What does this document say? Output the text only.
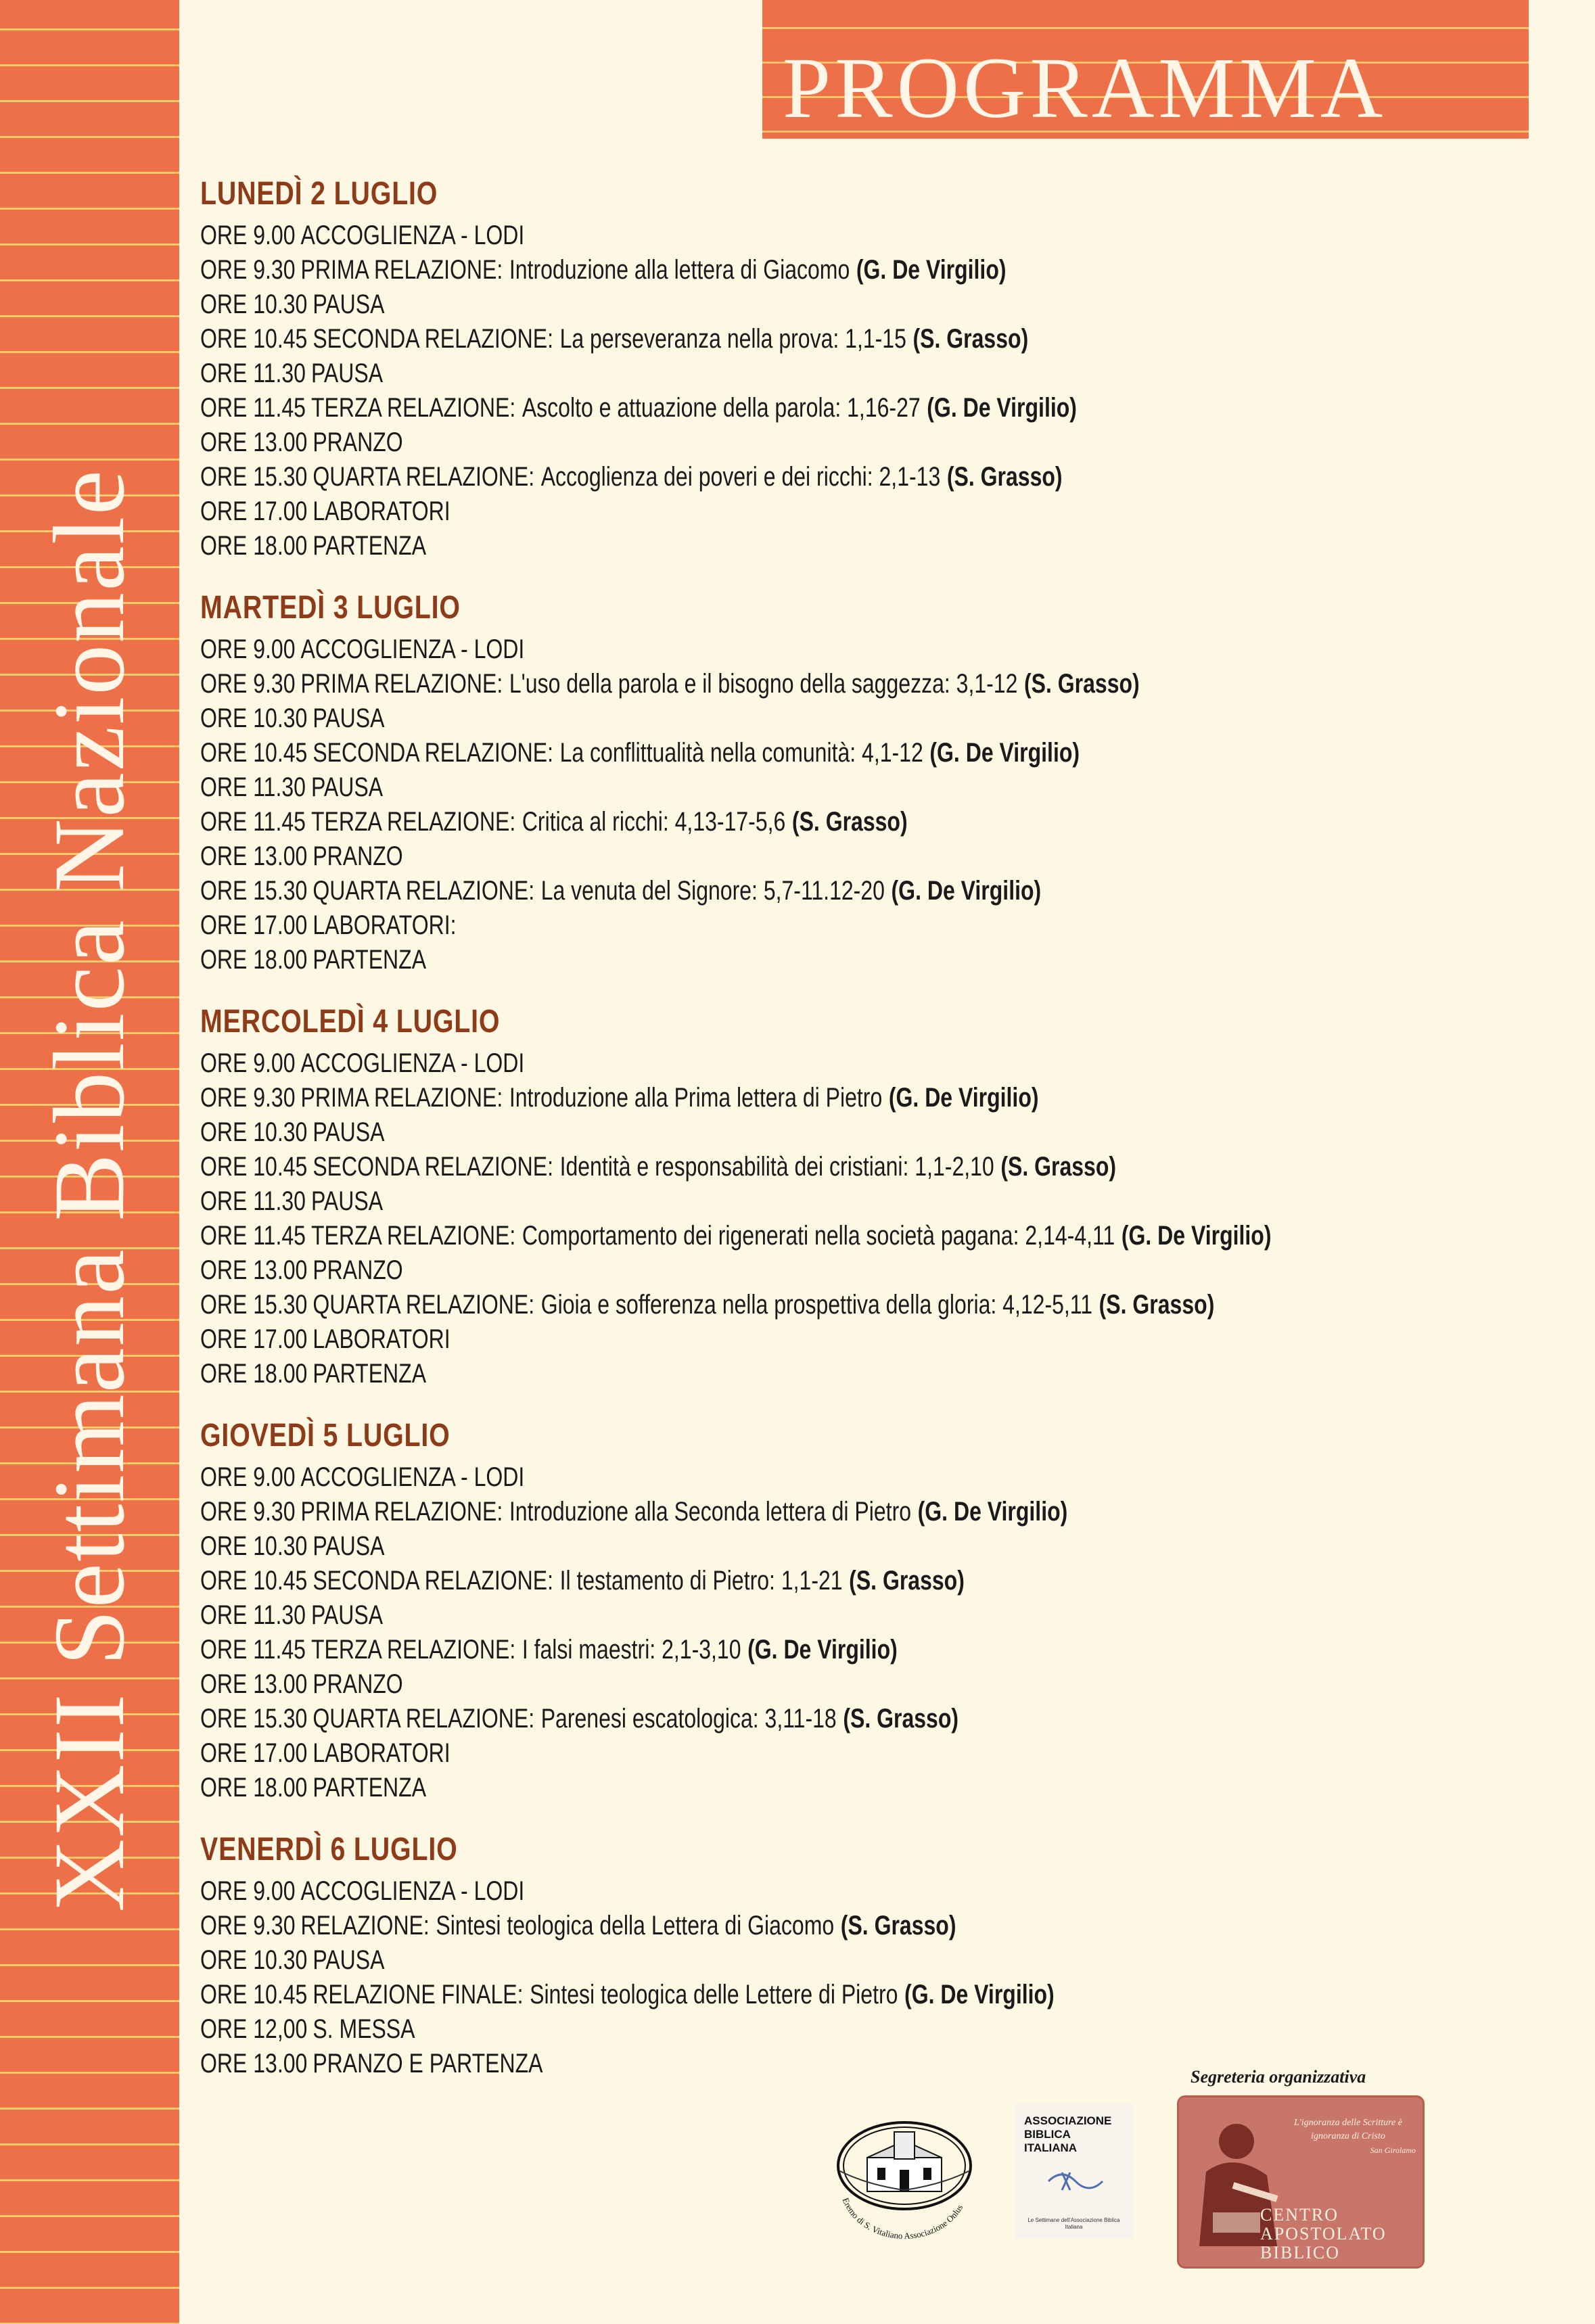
XXII Settimana Biblica Nazionale
PROGRAMMA
LUNEDÌ 2 LUGLIO
ORE 9.00 ACCOGLIENZA - LODI
ORE 9.30 PRIMA RELAZIONE: Introduzione alla lettera di Giacomo (G. De Virgilio)
ORE 10.30 PAUSA
ORE 10.45 SECONDA RELAZIONE: La perseveranza nella prova: 1,1-15 (S. Grasso)
ORE 11.30 PAUSA
ORE 11.45 TERZA RELAZIONE: Ascolto e attuazione della parola: 1,16-27 (G. De Virgilio)
ORE 13.00 PRANZO
ORE 15.30 QUARTA RELAZIONE: Accoglienza dei poveri e dei ricchi: 2,1-13 (S. Grasso)
ORE 17.00 LABORATORI
ORE 18.00 PARTENZA
MARTEDÌ 3 LUGLIO
ORE 9.00 ACCOGLIENZA - LODI
ORE 9.30 PRIMA RELAZIONE: L'uso della parola e il bisogno della saggezza: 3,1-12 (S. Grasso)
ORE 10.30 PAUSA
ORE 10.45 SECONDA RELAZIONE: La conflittualità nella comunità: 4,1-12 (G. De Virgilio)
ORE 11.30 PAUSA
ORE 11.45 TERZA RELAZIONE: Critica al ricchi: 4,13-17-5,6 (S. Grasso)
ORE 13.00 PRANZO
ORE 15.30 QUARTA RELAZIONE: La venuta del Signore: 5,7-11.12-20 (G. De Virgilio)
ORE 17.00 LABORATORI:
ORE 18.00 PARTENZA
MERCOLEDÌ 4 LUGLIO
ORE 9.00 ACCOGLIENZA - LODI
ORE 9.30 PRIMA RELAZIONE: Introduzione alla Prima lettera di Pietro (G. De Virgilio)
ORE 10.30 PAUSA
ORE 10.45 SECONDA RELAZIONE: Identità e responsabilità dei cristiani: 1,1-2,10 (S. Grasso)
ORE 11.30 PAUSA
ORE 11.45 TERZA RELAZIONE: Comportamento dei rigenerati nella società pagana: 2,14-4,11 (G. De Virgilio)
ORE 13.00 PRANZO
ORE 15.30 QUARTA RELAZIONE: Gioia e sofferenza nella prospettiva della gloria: 4,12-5,11 (S. Grasso)
ORE 17.00 LABORATORI
ORE 18.00 PARTENZA
GIOVEDÌ 5 LUGLIO
ORE 9.00 ACCOGLIENZA - LODI
ORE 9.30 PRIMA RELAZIONE: Introduzione alla Seconda lettera di Pietro (G. De Virgilio)
ORE 10.30 PAUSA
ORE 10.45 SECONDA RELAZIONE: Il testamento di Pietro: 1,1-21 (S. Grasso)
ORE 11.30 PAUSA
ORE 11.45 TERZA RELAZIONE: I falsi maestri: 2,1-3,10 (G. De Virgilio)
ORE 13.00 PRANZO
ORE 15.30 QUARTA RELAZIONE: Parenesi escatologica: 3,11-18 (S. Grasso)
ORE 17.00 LABORATORI
ORE 18.00 PARTENZA
VENERDÌ 6 LUGLIO
ORE 9.00 ACCOGLIENZA - LODI
ORE 9.30 RELAZIONE: Sintesi teologica della Lettera di Giacomo (S. Grasso)
ORE 10.30 PAUSA
ORE 10.45 RELAZIONE FINALE: Sintesi teologica delle Lettere di Pietro (G. De Virgilio)
ORE 12,00 S. MESSA
ORE 13.00 PRANZO E PARTENZA	Segreteria organizzativa
Eremo di S. Vitaliano Associazione Onlus
ASSOCIAZIONE
BIBLICA
ITALIANA
Le Settimane dell'Associazione Biblica Italiana
L'ignoranza delle Scritture è ignoranza di Cristo
San Girolamo
CENTRO
APOSTOLATO
BIBLICO
